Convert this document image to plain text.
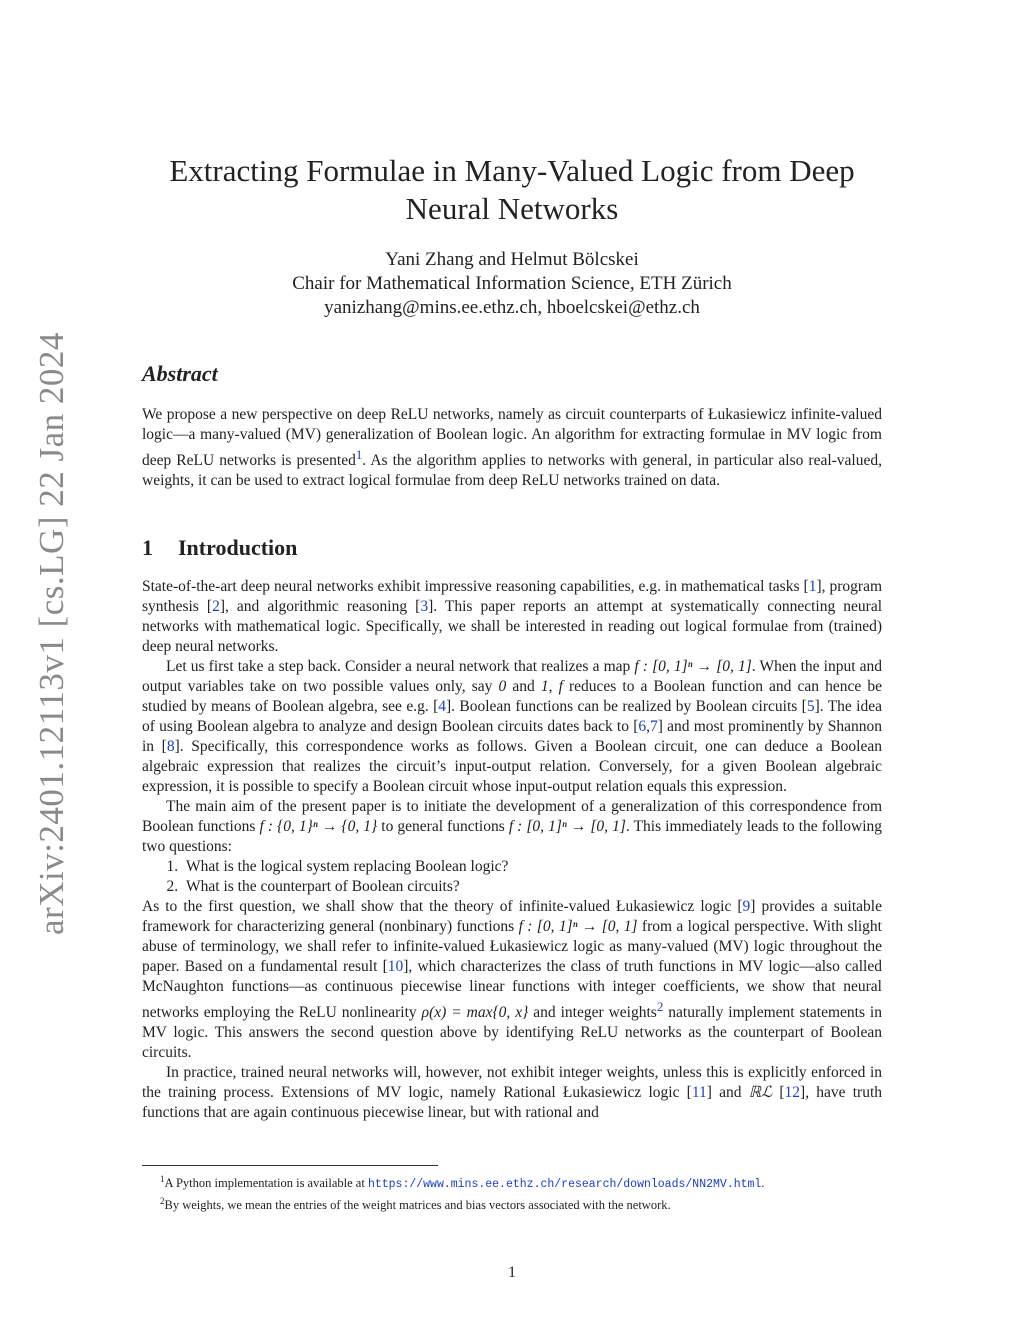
arXiv:2401.12113v1 [cs.LG] 22 Jan 2024
Extracting Formulae in Many-Valued Logic from Deep Neural Networks
Yani Zhang and Helmut Bölcskei
Chair for Mathematical Information Science, ETH Zürich
yanizhang@mins.ee.ethz.ch, hboelcskei@ethz.ch
Abstract
We propose a new perspective on deep ReLU networks, namely as circuit counterparts of Łukasiewicz infinite-valued logic—a many-valued (MV) generalization of Boolean logic. An algorithm for extracting formulae in MV logic from deep ReLU networks is presented$^1$. As the algorithm applies to networks with general, in particular also real-valued, weights, it can be used to extract logical formulae from deep ReLU networks trained on data.
1 Introduction

State-of-the-art deep neural networks exhibit impressive reasoning capabilities, e.g. in mathematical tasks [1], program synthesis [2], and algorithmic reasoning [3]. This paper reports an attempt at systematically connecting neural networks with mathematical logic. Specifically, we shall be interested in reading out logical formulae from (trained) deep neural networks.

Let us first take a step back. Consider a neural network that realizes a map f : [0, 1]ⁿ → [0, 1]. When the input and output variables take on two possible values only, say 0 and 1, f reduces to a Boolean function and can hence be studied by means of Boolean algebra, see e.g. [4]. Boolean functions can be realized by Boolean circuits [5]. The idea of using Boolean algebra to analyze and design Boolean circuits dates back to [6,7] and most prominently by Shannon in [8]. Specifically, this correspondence works as follows. Given a Boolean circuit, one can deduce a Boolean algebraic expression that realizes the circuit’s input-output relation. Conversely, for a given Boolean algebraic expression, it is possible to specify a Boolean circuit whose input-output relation equals this expression.

The main aim of the present paper is to initiate the development of a generalization of this correspondence from Boolean functions f : {0, 1}ⁿ → {0, 1} to general functions f : [0, 1]ⁿ → [0, 1]. This immediately leads to the following two questions:

1. What is the logical system replacing Boolean logic?
2. What is the counterpart of Boolean circuits?

As to the first question, we shall show that the theory of infinite-valued Łukasiewicz logic [9] provides a suitable framework for characterizing general (nonbinary) functions f : [0, 1]ⁿ → [0, 1] from a logical perspective. With slight abuse of terminology, we shall refer to infinite-valued Łukasiewicz logic as many-valued (MV) logic throughout the paper. Based on a fundamental result [10], which characterizes the class of truth functions in MV logic—also called McNaughton functions—as continuous piecewise linear functions with integer coefficients, we show that neural networks employing the ReLU nonlinearity ρ(x) = max{0, x} and integer weights$^2$ naturally implement statements in MV logic. This answers the second question above by identifying ReLU networks as the counterpart of Boolean circuits.

In practice, trained neural networks will, however, not exhibit integer weights, unless this is explicitly enforced in the training process. Extensions of MV logic, namely Rational Łukasiewicz logic [11] and ℝℒ [12], have truth functions that are again continuous piecewise linear, but with rational and

$^1$A Python implementation is available at https://www.mins.ee.ethz.ch/research/downloads/NN2MV.html.
$^2$By weights, we mean the entries of the weight matrices and bias vectors associated with the network.
1
